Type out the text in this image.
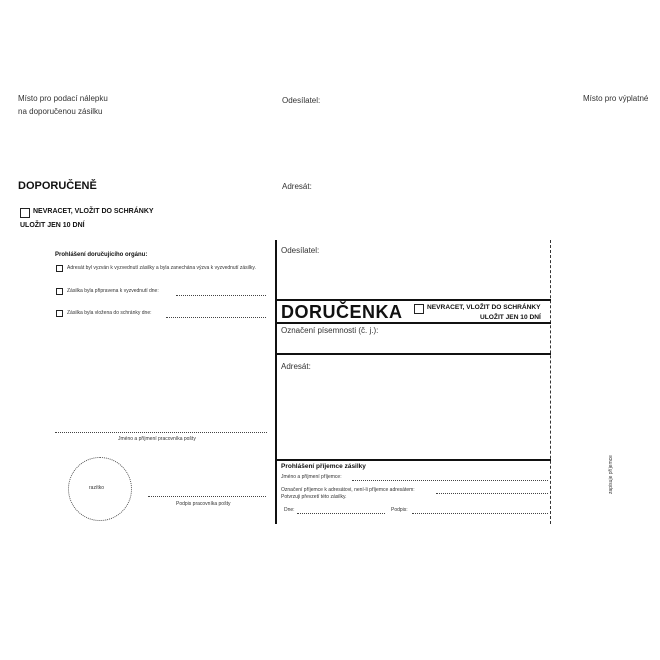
Místo pro podací nálepku
na doporučenou zásilku
Odesílatel:	Místo pro výplatné
DOPORUČENĚ
NEVRACET, VLOŽIT DO SCHRÁNKY
ULOŽIT JEN 10 DNÍ
Prohlášení doručujícího orgánu:
Adresát byl vyzván k vyzvednutí zásilky a byla zanechána výzva k vyzvednutí zásilky.
Zásilka byla připravena k vyzvednutí dne:
Zásilka byla vložena do schránky dne:
Jméno a příjmení pracovníka pošty
razítko
Podpis pracovníka pošty
Adresát:
Odesílatel:
DORUČENKA	NEVRACET, VLOŽIT DO SCHRÁNKY
ULOŽIT JEN 10 DNÍ
Označení písemnosti (č. j.):
Adresát:
Prohlášení příjemce zásilky
Jméno a příjmení příjemce:
Označení příjemce k adresátovi, není-li příjemce adresátem:
Potvrzuji převzetí této zásilky.
Dne:	Podpis:
zapisuje příjemce
